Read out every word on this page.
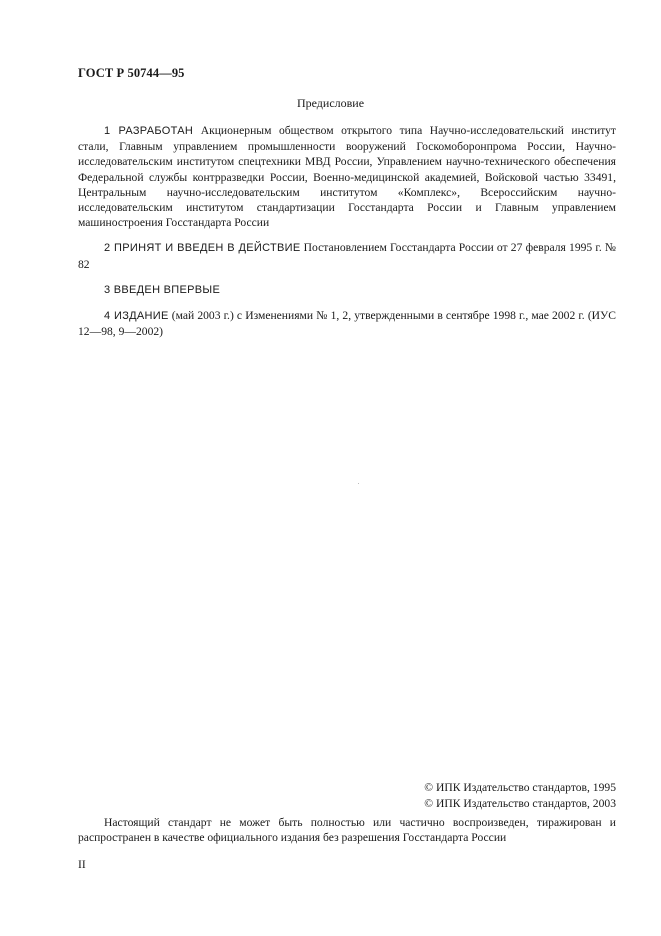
ГОСТ Р 50744—95
Предисловие

1 РАЗРАБОТАН Акционерным обществом открытого типа Научно-исследовательский институт стали, Главным управлением промышленности вооружений Госкомоборонпрома России, Научно-исследовательским институтом спецтехники МВД России, Управлением научно-технического обеспечения Федеральной службы контрразведки России, Военно-медицинской академией, Войсковой частью 33491, Центральным научно-исследовательским институтом «Комплекс», Всероссийским научно-исследовательским институтом стандартизации Госстандарта России и Главным управлением машиностроения Госстандарта России

2 ПРИНЯТ И ВВЕДЕН В ДЕЙСТВИЕ Постановлением Госстандарта России от 27 февраля 1995 г. № 82

3 ВВЕДЕН ВПЕРВЫЕ

4 ИЗДАНИЕ (май 2003 г.) с Изменениями № 1, 2, утвержденными в сентябре 1998 г., мае 2002 г. (ИУС 12—98, 9—2002)

© ИПК Издательство стандартов, 1995
© ИПК Издательство стандартов, 2003

Настоящий стандарт не может быть полностью или частично воспроизведен, тиражирован и распространен в качестве официального издания без разрешения Госстандарта России

II
